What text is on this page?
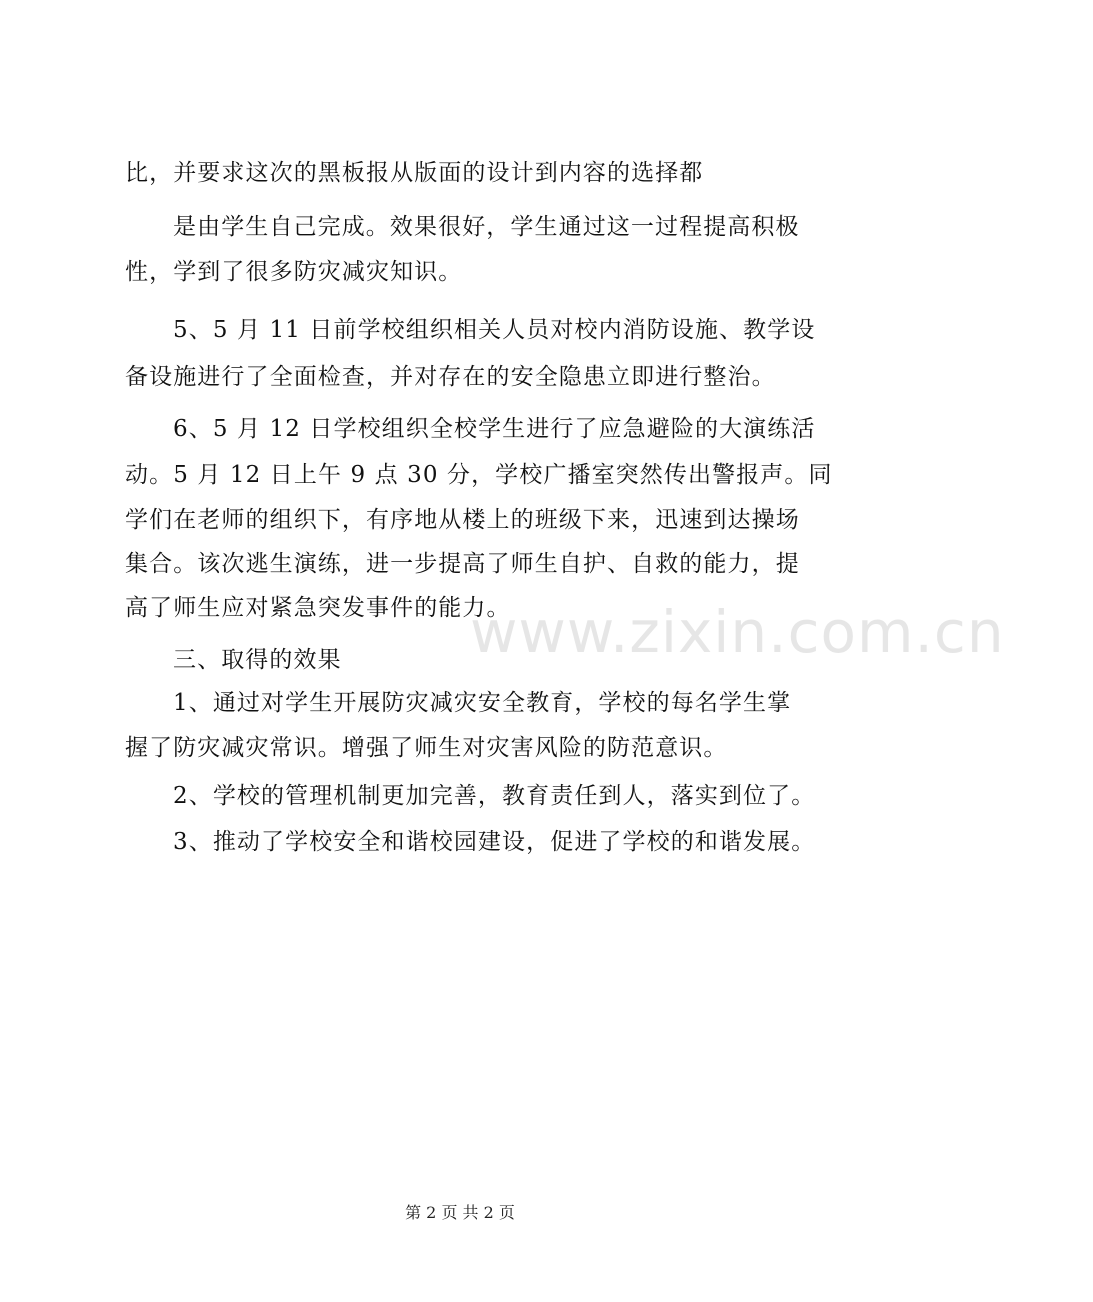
www.zixin.com.cn
比，并要求这次的黑板报从版面的设计到内容的选择都
是由学生自己完成。效果很好，学生通过这一过程提高积极
性，学到了很多防灾减灾知识。
5、5 月 11 日前学校组织相关人员对校内消防设施、教学设
备设施进行了全面检查，并对存在的安全隐患立即进行整治。
6、5 月 12 日学校组织全校学生进行了应急避险的大演练活
动。5 月 12 日上午 9 点 30 分，学校广播室突然传出警报声。同
学们在老师的组织下，有序地从楼上的班级下来，迅速到达操场
集合。该次逃生演练，进一步提高了师生自护、自救的能力，提
高了师生应对紧急突发事件的能力。
三、取得的效果
1、通过对学生开展防灾减灾安全教育，学校的每名学生掌
握了防灾减灾常识。增强了师生对灾害风险的防范意识。
2、学校的管理机制更加完善，教育责任到人，落实到位了。
3、推动了学校安全和谐校园建设，促进了学校的和谐发展。
第 2 页 共 2 页
